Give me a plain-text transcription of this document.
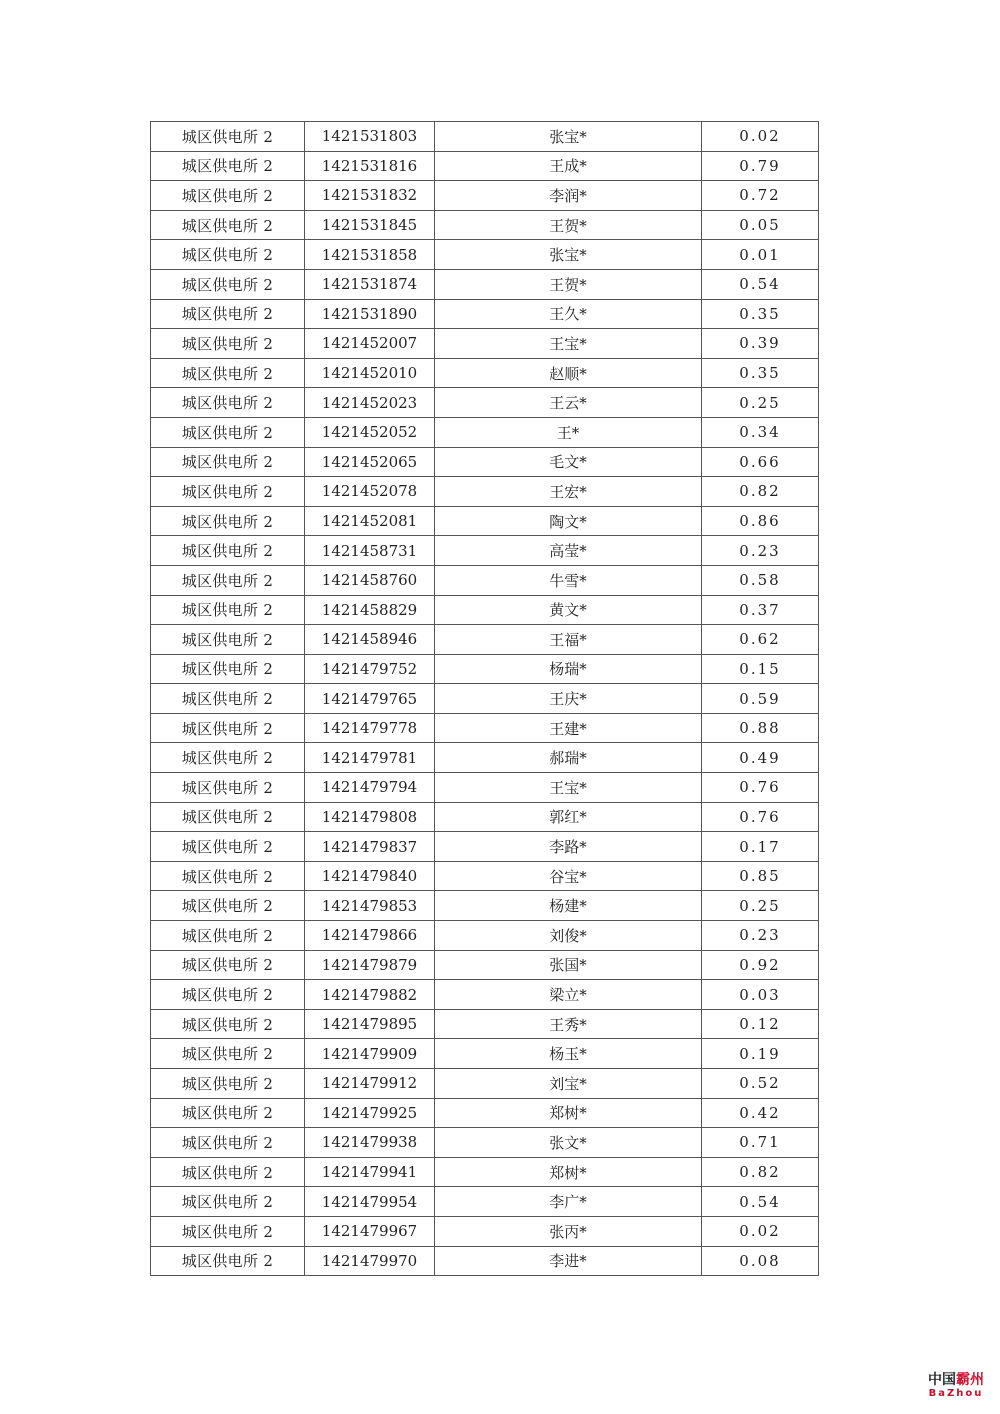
城区供电所 2	1421531803	张宝*	0.02
城区供电所 2	1421531816	王成*	0.79
城区供电所 2	1421531832	李润*	0.72
城区供电所 2	1421531845	王贺*	0.05
城区供电所 2	1421531858	张宝*	0.01
城区供电所 2	1421531874	王贺*	0.54
城区供电所 2	1421531890	王久*	0.35
城区供电所 2	1421452007	王宝*	0.39
城区供电所 2	1421452010	赵顺*	0.35
城区供电所 2	1421452023	王云*	0.25
城区供电所 2	1421452052	王*	0.34
城区供电所 2	1421452065	毛文*	0.66
城区供电所 2	1421452078	王宏*	0.82
城区供电所 2	1421452081	陶文*	0.86
城区供电所 2	1421458731	高莹*	0.23
城区供电所 2	1421458760	牛雪*	0.58
城区供电所 2	1421458829	黄文*	0.37
城区供电所 2	1421458946	王福*	0.62
城区供电所 2	1421479752	杨瑞*	0.15
城区供电所 2	1421479765	王庆*	0.59
城区供电所 2	1421479778	王建*	0.88
城区供电所 2	1421479781	郝瑞*	0.49
城区供电所 2	1421479794	王宝*	0.76
城区供电所 2	1421479808	郭红*	0.76
城区供电所 2	1421479837	李路*	0.17
城区供电所 2	1421479840	谷宝*	0.85
城区供电所 2	1421479853	杨建*	0.25
城区供电所 2	1421479866	刘俊*	0.23
城区供电所 2	1421479879	张国*	0.92
城区供电所 2	1421479882	梁立*	0.03
城区供电所 2	1421479895	王秀*	0.12
城区供电所 2	1421479909	杨玉*	0.19
城区供电所 2	1421479912	刘宝*	0.52
城区供电所 2	1421479925	郑树*	0.42
城区供电所 2	1421479938	张文*	0.71
城区供电所 2	1421479941	郑树*	0.82
城区供电所 2	1421479954	李广*	0.54
城区供电所 2	1421479967	张丙*	0.02
城区供电所 2	1421479970	李进*	0.08
中国霸州
BaZhou
